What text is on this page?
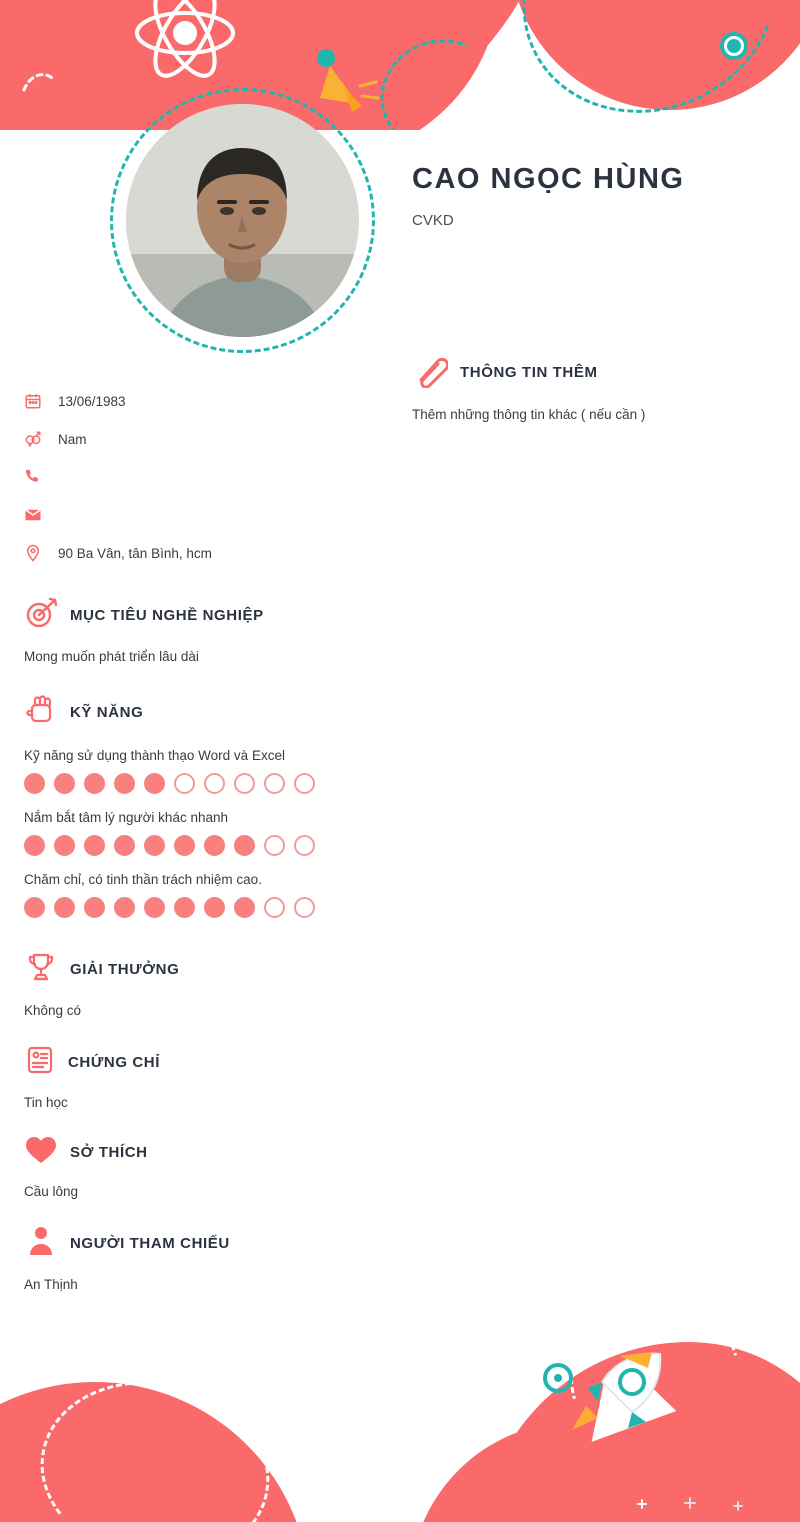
CAO NGỌC HÙNG
CVKD
13/06/1983
Nam
90 Ba Vân, tân Bình, hcm
THÔNG TIN THÊM
Thêm những thông tin khác ( nếu cần )
MỤC TIÊU NGHỀ NGHIỆP
Mong muốn phát triển lâu dài
KỸ NĂNG
Kỹ năng sử dụng thành thạo Word và Excel
Nắm bắt tâm lý người khác nhanh
Chăm chỉ, có tinh thần trách nhiệm cao.
GIẢI THƯỞNG
Không có
CHỨNG CHỈ
Tin học
SỞ THÍCH
Cầu lông
NGƯỜI THAM CHIẾU
An Thịnh
